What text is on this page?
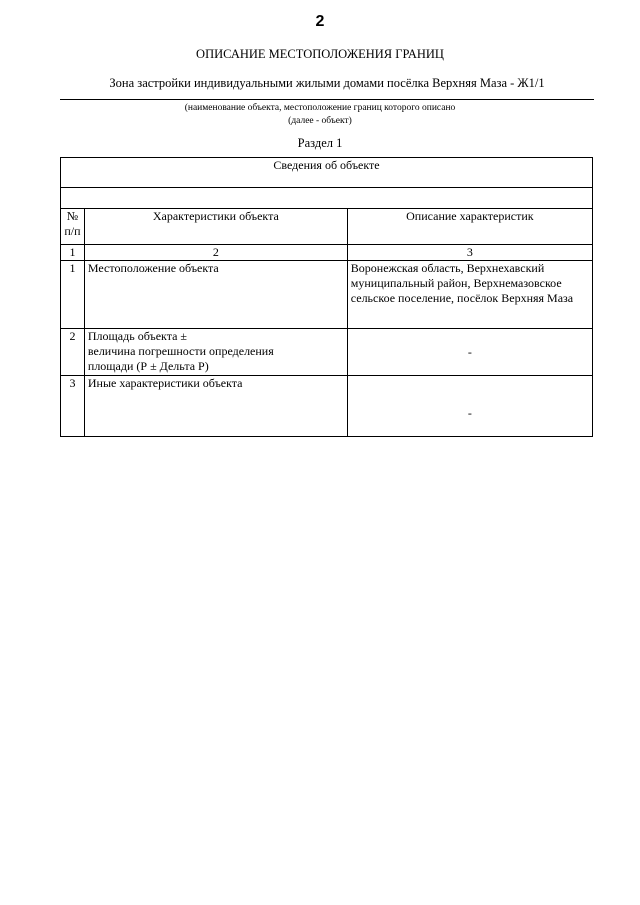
2
ОПИСАНИЕ МЕСТОПОЛОЖЕНИЯ ГРАНИЦ
Зона застройки индивидуальными жилыми домами посёлка Верхняя Маза - Ж1/1
(наименование объекта, местоположение границ которого описано
(далее - объект)
Раздел 1
Сведения об объекте		

№ п/п	Характеристики объекта	Описание характеристик
1	2	3
1	Местоположение объекта	Воронежская область, Верхнехавский муниципальный район, Верхнемазовское сельское поселение, посёлок Верхняя Маза
2	Площадь объекта ±
величина погрешности определения
площади (Р ± Дельта Р)	-
3	Иные характеристики объекта	-
